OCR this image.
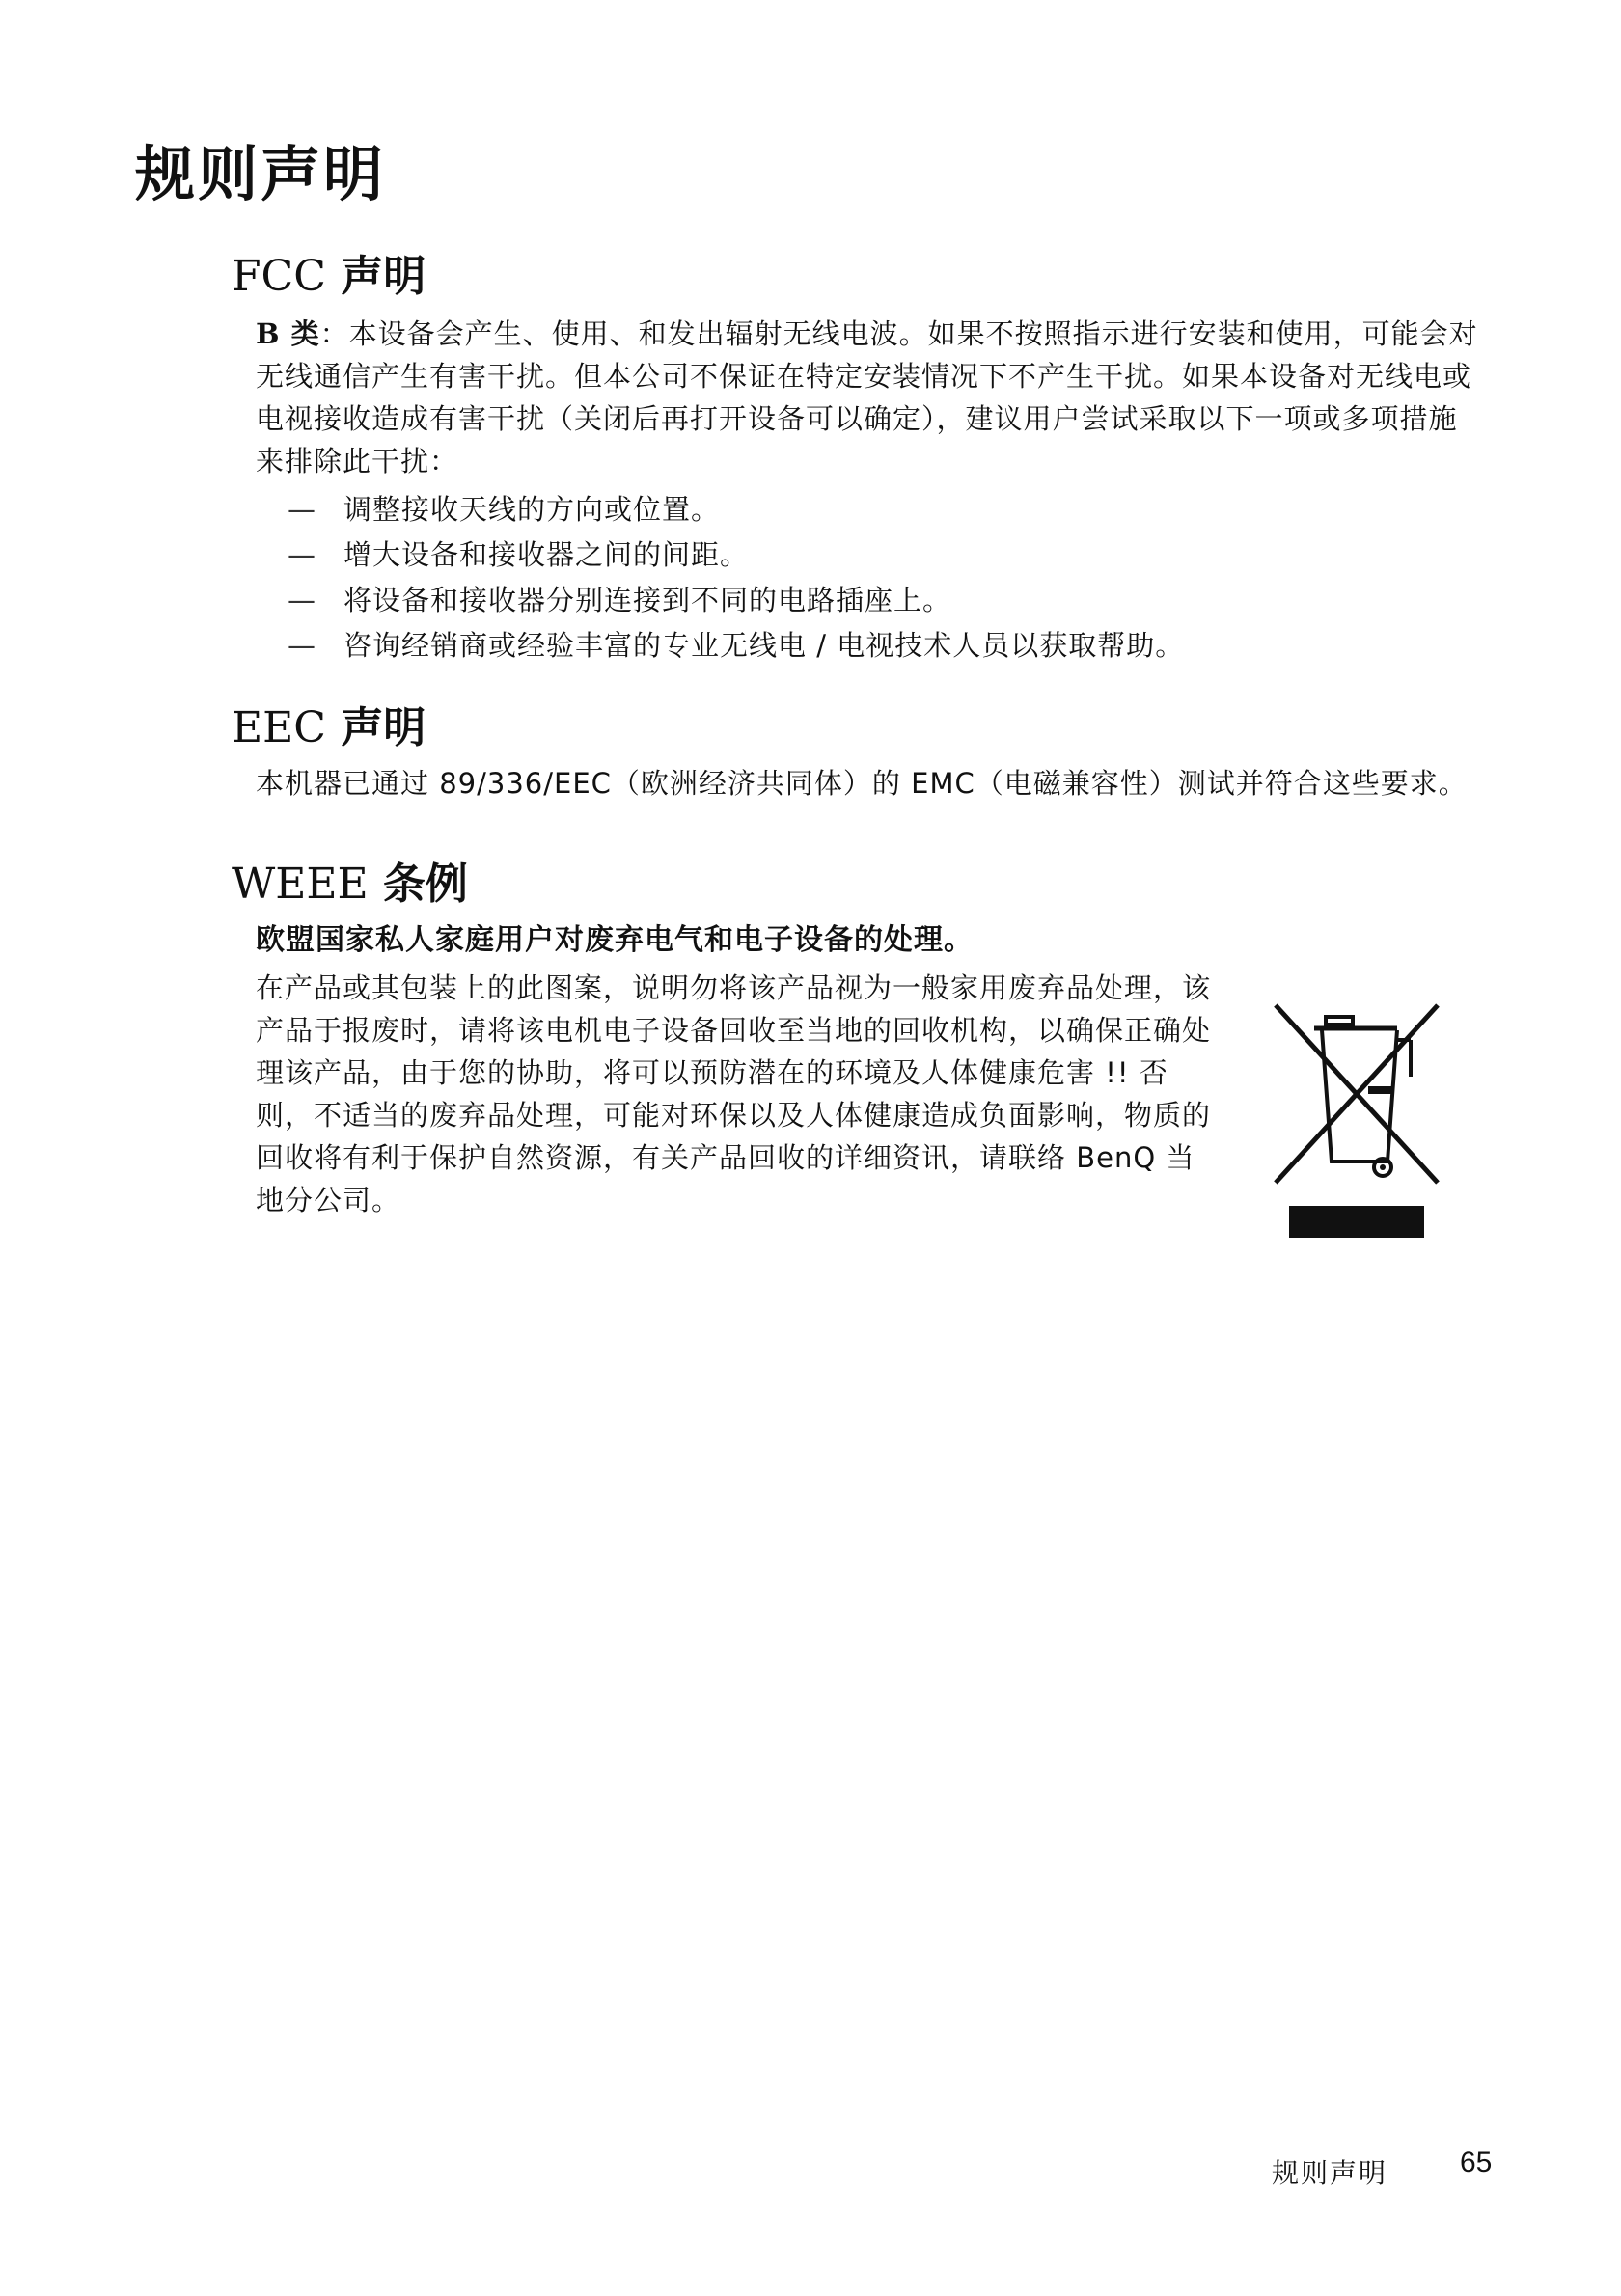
规则声明
FCC 声明

B 类：本设备会产生、使用、和发出辐射无线电波。如果不按照指示进行安装和使用，可能会对无线通信产生有害干扰。但本公司不保证在特定安装情况下不产生干扰。如果本设备对无线电或电视接收造成有害干扰（关闭后再打开设备可以确定），建议用户尝试采取以下一项或多项措施来排除此干扰：

— 调整接收天线的方向或位置。
— 增大设备和接收器之间的间距。
— 将设备和接收器分别连接到不同的电路插座上。
— 咨询经销商或经验丰富的专业无线电 / 电视技术人员以获取帮助。
EEC 声明

本机器已通过 89/336/EEC（欧洲经济共同体）的 EMC（电磁兼容性）测试并符合这些要求。

WEEE 条例

欧盟国家私人家庭用户对废弃电气和电子设备的处理。

在产品或其包装上的此图案，说明勿将该产品视为一般家用废弃品处理，该产品于报废时，请将该电机电子设备回收至当地的回收机构，以确保正确处理该产品，由于您的协助，将可以预防潜在的环境及人体健康危害 !! 否则，不适当的废弃品处理，可能对环保以及人体健康造成负面影响，物质的回收将有利于保护自然资源，有关产品回收的详细资讯，请联络 BenQ 当地分公司。

规则声明 65
